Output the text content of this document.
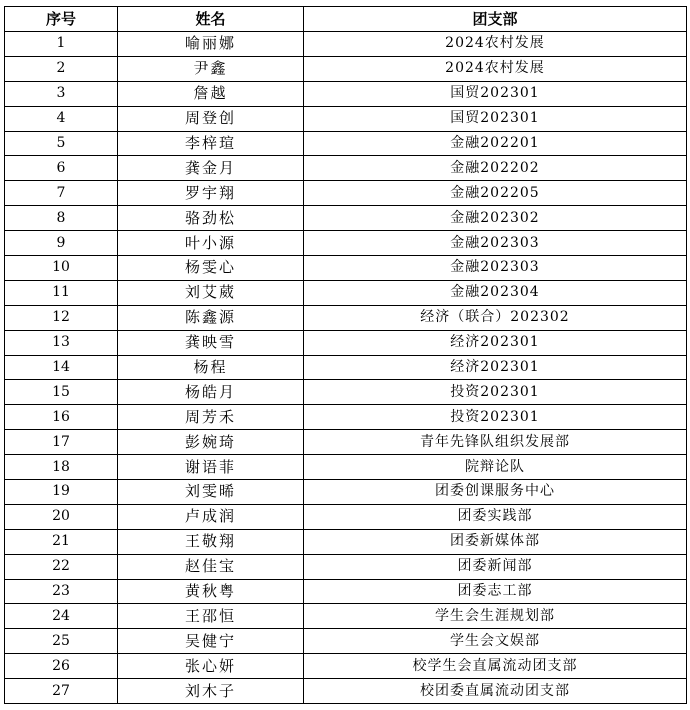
序号	姓名	团支部
1	喻丽娜	2024农村发展
2	尹鑫	2024农村发展
3	詹越	国贸202301
4	周登创	国贸202301
5	李梓瑄	金融202201
6	龚金月	金融202202
7	罗宇翔	金融202205
8	骆劲松	金融202302
9	叶小源	金融202303
10	杨雯心	金融202303
11	刘艾葳	金融202304
12	陈鑫源	经济（联合）202302
13	龚映雪	经济202301
14	杨程	经济202301
15	杨皓月	投资202301
16	周芳禾	投资202301
17	彭婉琦	青年先锋队组织发展部
18	谢语菲	院辩论队
19	刘雯晞	团委创课服务中心
20	卢成润	团委实践部
21	王敬翔	团委新媒体部
22	赵佳宝	团委新闻部
23	黄秋粤	团委志工部
24	王邵恒	学生会生涯规划部
25	吴健宁	学生会文娱部
26	张心妍	校学生会直属流动团支部
27	刘木子	校团委直属流动团支部
